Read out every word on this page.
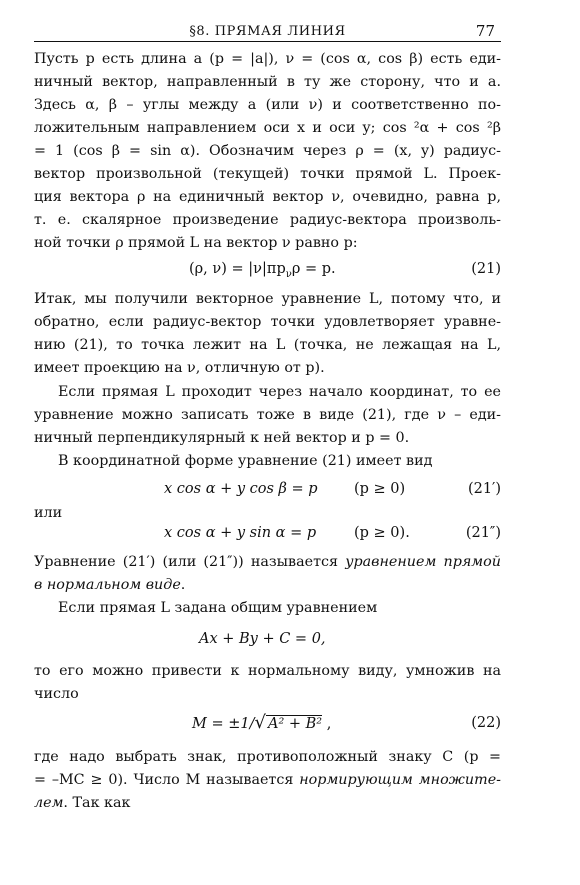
§8. ПРЯМАЯ ЛИНИЯ	77
Пусть p есть длина a (p = |a|), ν = (cos α, cos β) есть еди-
ничный вектор, направленный в ту же сторону, что и a.
Здесь α, β – углы между a (или ν) и соответственно по-
ложительным направлением оси x и оси y; cos ²α + cos ²β
= 1 (cos β = sin α). Обозначим через ρ = (x, y) радиус-
вектор произвольной (текущей) точки прямой L. Проек-
ция вектора ρ на единичный вектор ν, очевидно, равна p,
т. е. скалярное произведение радиус-вектора произволь-
ной точки ρ прямой L на вектор ν равно p:
(ρ, $\nu) = |\nu|пр_\nu\rho = p$.	(21)
Итак, мы получили векторное уравнение L, потому что, и
обратно, если радиус-вектор точки удовлетворяет уравне-
нию (21), то точка лежит на L (точка, не лежащая на L,
имеет проекцию на ν, отличную от p).
Если прямая L проходит через начало координат, то ее
уравнение можно записать тоже в виде (21), где ν – еди-
ничный перпендикулярный к ней вектор и p = 0.
В координатной форме уравнение (21) имеет вид
x cos α + y cos β = p	(p ≥ 0)	(21′)
или
x cos α + y sin α = p	(p ≥ 0).	(21″)
Уравнение (21′) (или (21″)) называется уравнением прямой
в нормальном виде.
Если прямая L задана общим уравнением
Ax + By + C = 0,
то его можно привести к нормальному виду, умножив на
число
M = ±1/√ A² + B² ,	(22)
где надо выбрать знак, противоположный знаку C (p =
= –MC ≥ 0). Число M называется нормирующим множите-
лем. Так как
